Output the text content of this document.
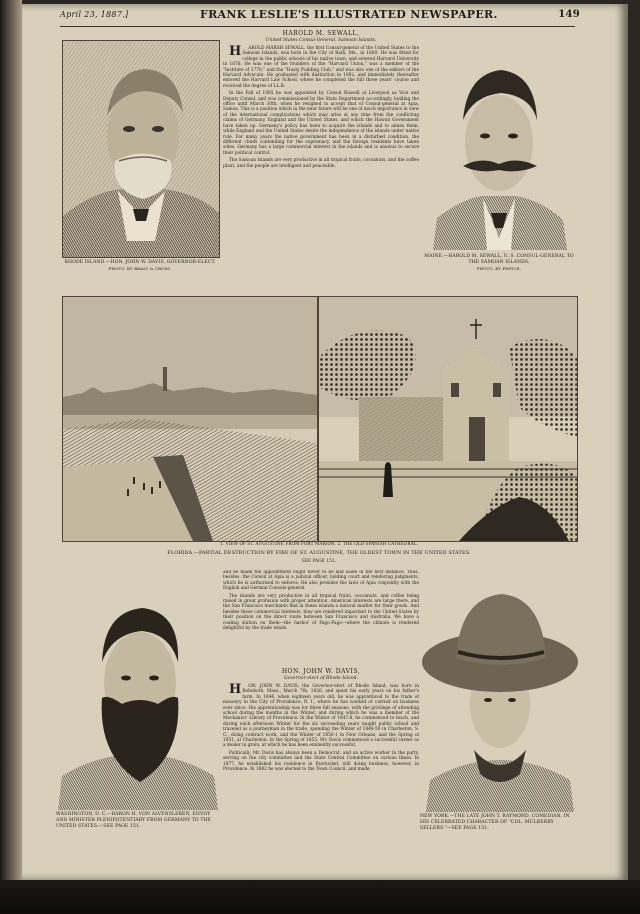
April 23, 1887.]	FRANK LESLIE'S ILLUSTRATED NEWSPAPER.	149
RHODE ISLAND.—HON. JOHN W. DAVIS, GOVERNOR-ELECT.
PHOTO. BY BRALY & CROSS.
HAROLD M. SEWALL,
United States Consul-General, Samoan Islands.

HAROLD MARSH SEWALL, the first Consul-general of the United States to the Samoan Islands, was born in the City of Bath, Me., in 1860. He was fitted for college in the public schools of his native town, and entered Harvard University in 1878. He was one of the founders of the "Harvard Union," was a member of the "Institute of 1770," and the "Hasty Pudding Club," and was also one of the editors of the Harvard Advocate. He graduated with distinction in 1882, and immediately thereafter entered the Harvard Law School, where he completed the full three years' course and received the degree of LL.B.

In the Fall of 1885 he was appointed by Consul Russell at Liverpool as Vice and Deputy Consul, and was commissioned by the State Department accordingly, holding the office until March 30th, when he resigned to accept that of Consul-general at Apia, Samoa. This is a position which in the near future will be one of much importance in view of the international complications which may arise at any time from the conflicting claims of Germany, England and the United States, and which the Hawaii Government have taken up. Germany's policy has been to acquire the islands and to annex them, while England and the United States desire the independence of the islands under native rule. For many years the native government has been in a disturbed condition, the different chiefs contending for the supremacy, and the foreign residents have taken sides. Germany has a large commercial interest in the islands and is anxious to secure their political control.

The Samoan Islands are very productive in all tropical fruits, cocoanuts, and the coffee plant, and the people are intelligent and peaceable.

MAINE.—HAROLD M. SEWALL, U. S. CONSUL-GENERAL TO THE SAMOAN ISLANDS.
PHOTO. BY PRINCE.
1. VIEW OF ST. AUGUSTINE FROM FORT MARION. 2. THE OLD SPANISH CATHEDRAL.
FLORIDA.—PARTIAL DESTRUCTION BY FIRE OF ST. AUGUSTINE, THE OLDEST TOWN IN THE UNITED STATES.
SEE PAGE 151.
WASHINGTON, D. C.—BARON H. VON ALVENSLEBEN, ENVOY AND MINISTER PLENIPOTENTIARY FROM GERMANY TO THE UNITED STATES.—SEE PAGE 151.

and he made the appointment ought never to be laid aside in the first instance. Thus, besides, the Consul at Apia is a judicial officer, holding court and rendering judgments, which he is authorized to enforce. He also presides the laws of Apia conjointly with the English and German Consuls-general.

The islands are very productive in all tropical fruits, cocoanuts, and coffee being raised in great profusion with proper attention. American interests are large there, and the San Francisco merchants find in these islands a natural market for their goods. And besides these commercial interests, they are rendered important to the United States by their position on the direct route between San Francisco and Australia. We have a coaling station on them—the harbor of Pago-Pago—where the climate is rendered delightful by the trade winds.

HON. JOHN W. DAVIS,
Governor-elect of Rhode Island.

HON. JOHN W. DAVIS, the Governor-elect of Rhode Island, was born in Rehoboth, Mass., March 7th, 1826, and spent his early years on his father's farm. In 1844, when eighteen years old, he was apprenticed to the trade of masonry in the City of Providence, R. I., where he has worked or carried on business ever since. His apprenticeship was for three full seasons, with the privilege of attending school during the months in the Winter, and during which he was a member of the Mechanics' Library of Providence. In the Winter of 1847-8, he commenced to teach, and during each afternoon Winter for the six succeeding years taught public school and traveled as a journeyman in the trade, spending the Winter of 1849-50 in Charleston, S. C., doing contract work, and the Winter of 1850-1 in New Orleans, and the Spring of 1851, at Charleston. In the Spring of 1855, Mr. Davis commenced a successful career as a dealer in grain, at which he has been eminently successful.

Politically, Mr. Davis has always been a Democrat, and an active worker in the party, serving on the city committee and the State Central Committee on various times. In 1877, he established his residence in Pawtucket, still doing business, however, in Providence. In 1882 he was elected to the Town Council, and made

NEW YORK.—THE LATE JOHN T. RAYMOND, COMEDIAN, IN HIS CELEBRATED CHARACTER OF "COL. MULBERRY SELLERS."—SEE PAGE 151.
